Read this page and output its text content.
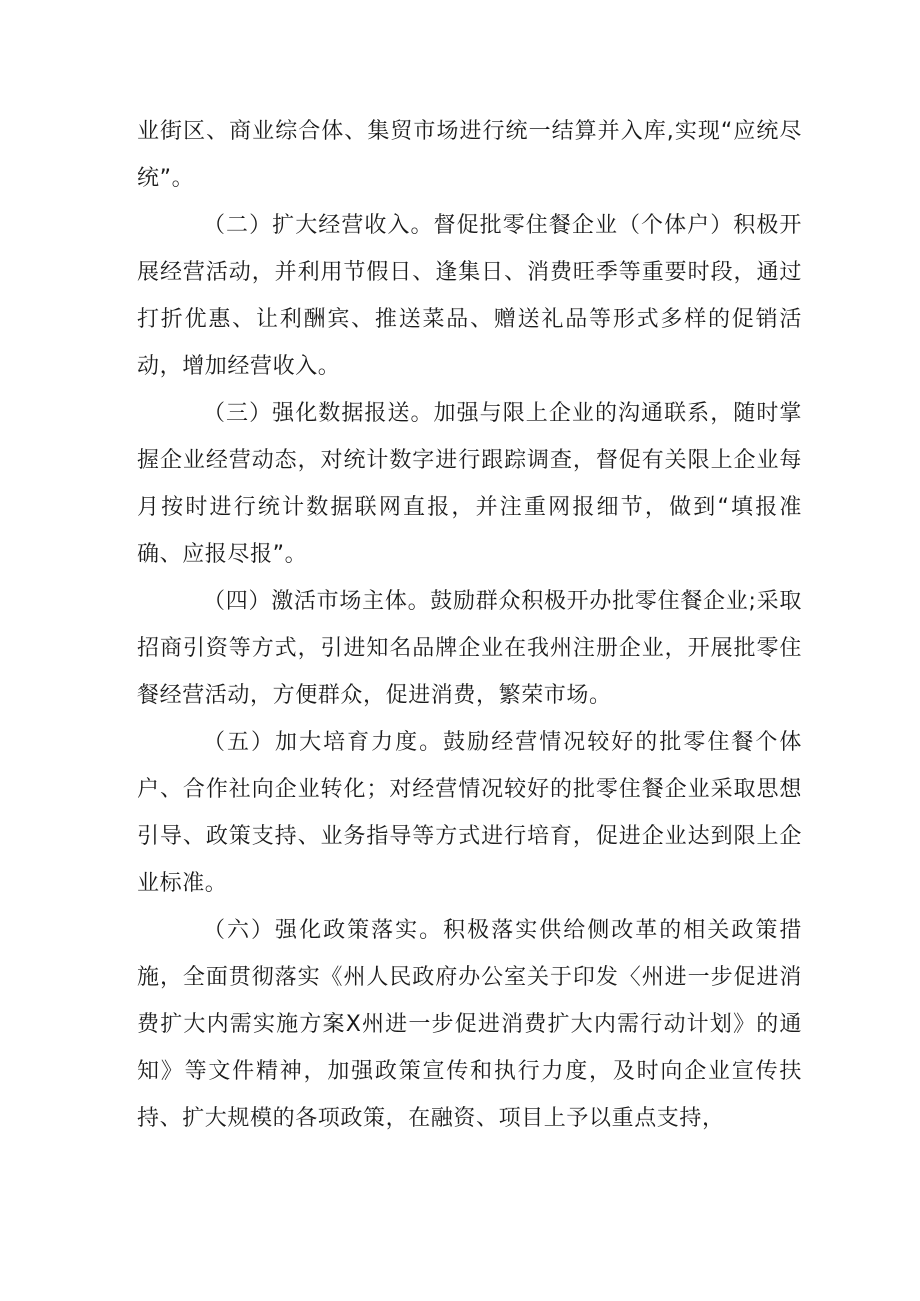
业街区、商业综合体、集贸市场进行统一结算并入库,实现“应统尽统”。

（二）扩大经营收入。督促批零住餐企业（个体户）积极开展经营活动，并利用节假日、逢集日、消费旺季等重要时段，通过打折优惠、让利酬宾、推送菜品、赠送礼品等形式多样的促销活动，增加经营收入。

（三）强化数据报送。加强与限上企业的沟通联系，随时掌握企业经营动态，对统计数字进行跟踪调查，督促有关限上企业每月按时进行统计数据联网直报，并注重网报细节，做到“填报准确、应报尽报”。

（四）激活市场主体。鼓励群众积极开办批零住餐企业;采取招商引资等方式，引进知名品牌企业在我州注册企业，开展批零住餐经营活动，方便群众，促进消费，繁荣市场。

（五）加大培育力度。鼓励经营情况较好的批零住餐个体户、合作社向企业转化；对经营情况较好的批零住餐企业采取思想引导、政策支持、业务指导等方式进行培育，促进企业达到限上企业标准。

（六）强化政策落实。积极落实供给侧改革的相关政策措施，全面贯彻落实《州人民政府办公室关于印发〈州进一步促进消费扩大内需实施方案X州进一步促进消费扩大内需行动计划》的通知》等文件精神，加强政策宣传和执行力度，及时向企业宣传扶持、扩大规模的各项政策，在融资、项目上予以重点支持，
